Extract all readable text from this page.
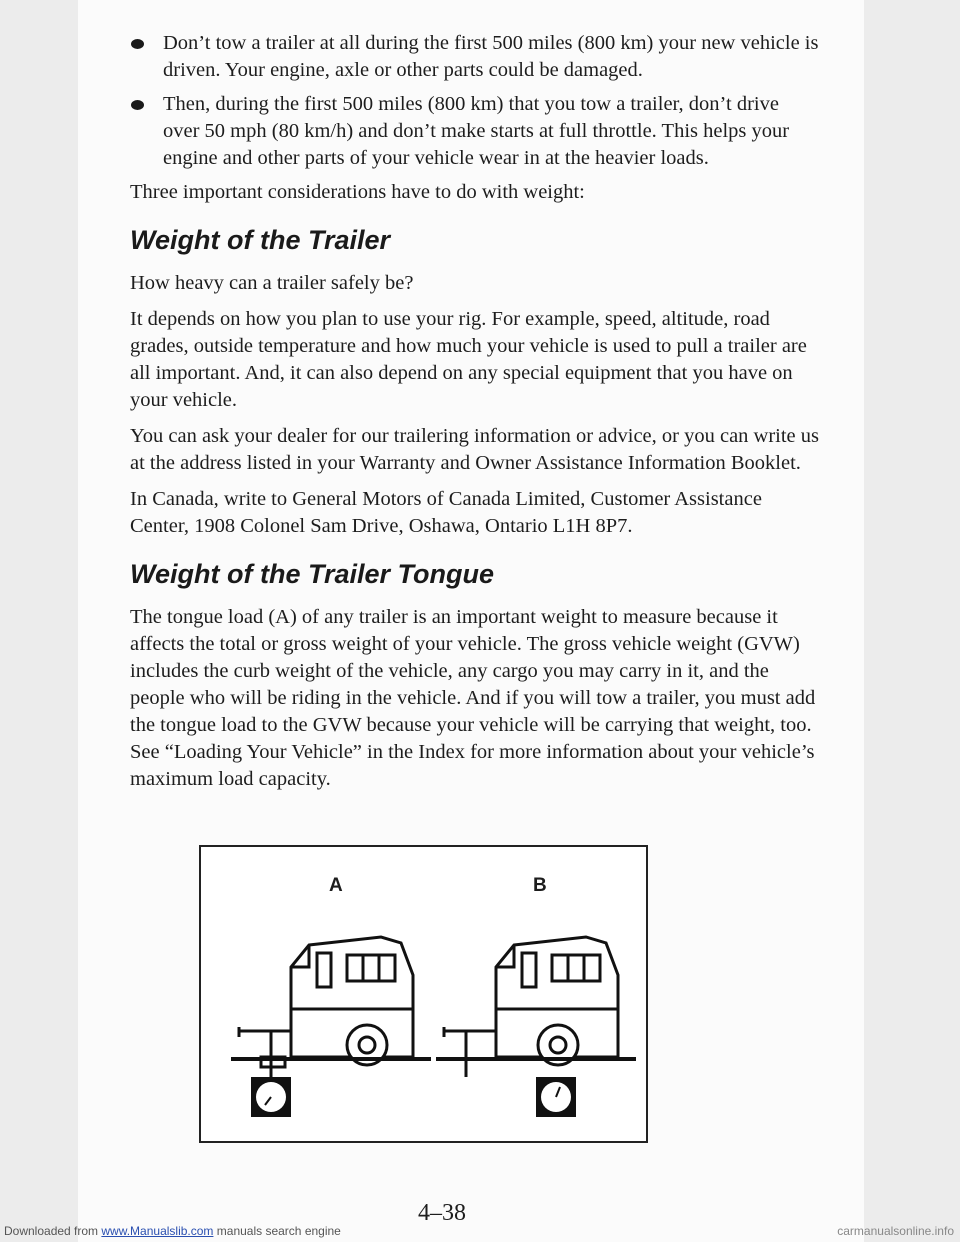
Don’t tow a trailer at all during the first 500 miles (800 km) your new vehicle is driven. Your engine, axle or other parts could be damaged.
Then, during the first 500 miles (800 km) that you tow a trailer, don’t drive over 50 mph (80 km/h) and don’t make starts at full throttle. This helps your engine and other parts of your vehicle wear in at the heavier loads.

Three important considerations have to do with weight:

Weight of the Trailer

How heavy can a trailer safely be?

It depends on how you plan to use your rig. For example, speed, altitude, road grades, outside temperature and how much your vehicle is used to pull a trailer are all important. And, it can also depend on any special equipment that you have on your vehicle.

You can ask your dealer for our trailering information or advice, or you can write us at the address listed in your Warranty and Owner Assistance Information Booklet.

In Canada, write to General Motors of Canada Limited, Customer Assistance Center, 1908 Colonel Sam Drive, Oshawa, Ontario L1H 8P7.

Weight of the Trailer Tongue

The tongue load (A) of any trailer is an important weight to measure because it affects the total or gross weight of your vehicle. The gross vehicle weight (GVW) includes the curb weight of the vehicle, any cargo you may carry in it, and the people who will be riding in the vehicle. And if you will tow a trailer, you must add the tongue load to the GVW because your vehicle will be carrying that weight, too. See “Loading Your Vehicle” in the Index for more information about your vehicle’s maximum load capacity.

A	B
4–38
Downloaded from www.Manualslib.com manuals search engine	carmanualsonline.info
